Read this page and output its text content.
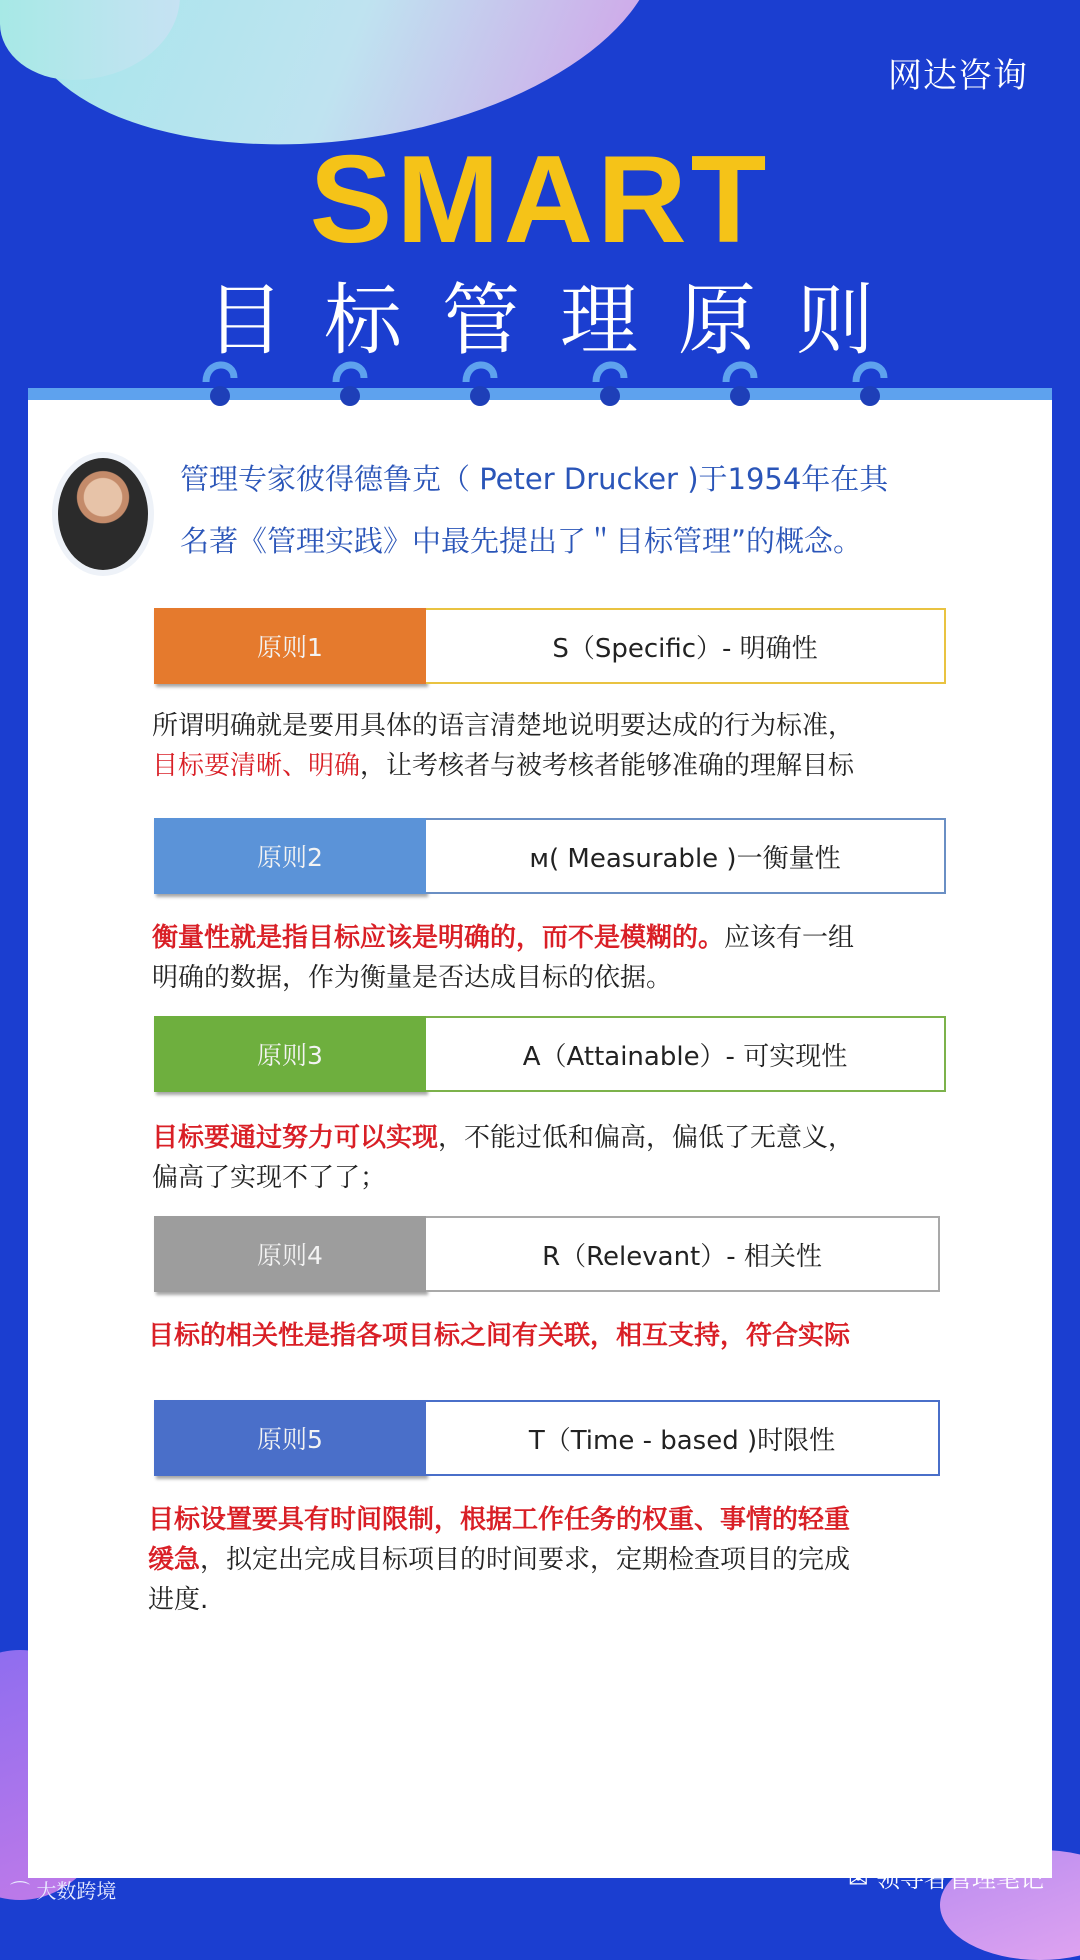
网达咨询
SMART
目标管理原则
管理专家彼得德鲁克（ Peter Drucker )于1954年在其
名著《管理实践》中最先提出了＂目标管理”的概念。
原则1	S（Specific）- 明确性
所谓明确就是要用具体的语言清楚地说明要达成的行为标准，
目标要清晰、明确，让考核者与被考核者能够准确的理解目标
原则2	м( Measurable )一衡量性
衡量性就是指目标应该是明确的，而不是模糊的。应该有一组
明确的数据，作为衡量是否达成目标的依据。
原则3	A（Attainable）- 可实现性
目标要通过努力可以实现，不能过低和偏高，偏低了无意义，
偏高了实现不了了；
原则4	R（Relevant）- 相关性
目标的相关性是指各项目标之间有关联，相互支持，符合实际
原则5	T（Time - based )时限性
目标设置要具有时间限制，根据工作任务的权重、事情的轻重
缓急，拟定出完成目标项目的时间要求，定期检查项目的完成
进度.
⌒ 大数跨境	✉ 领导者管理笔记
